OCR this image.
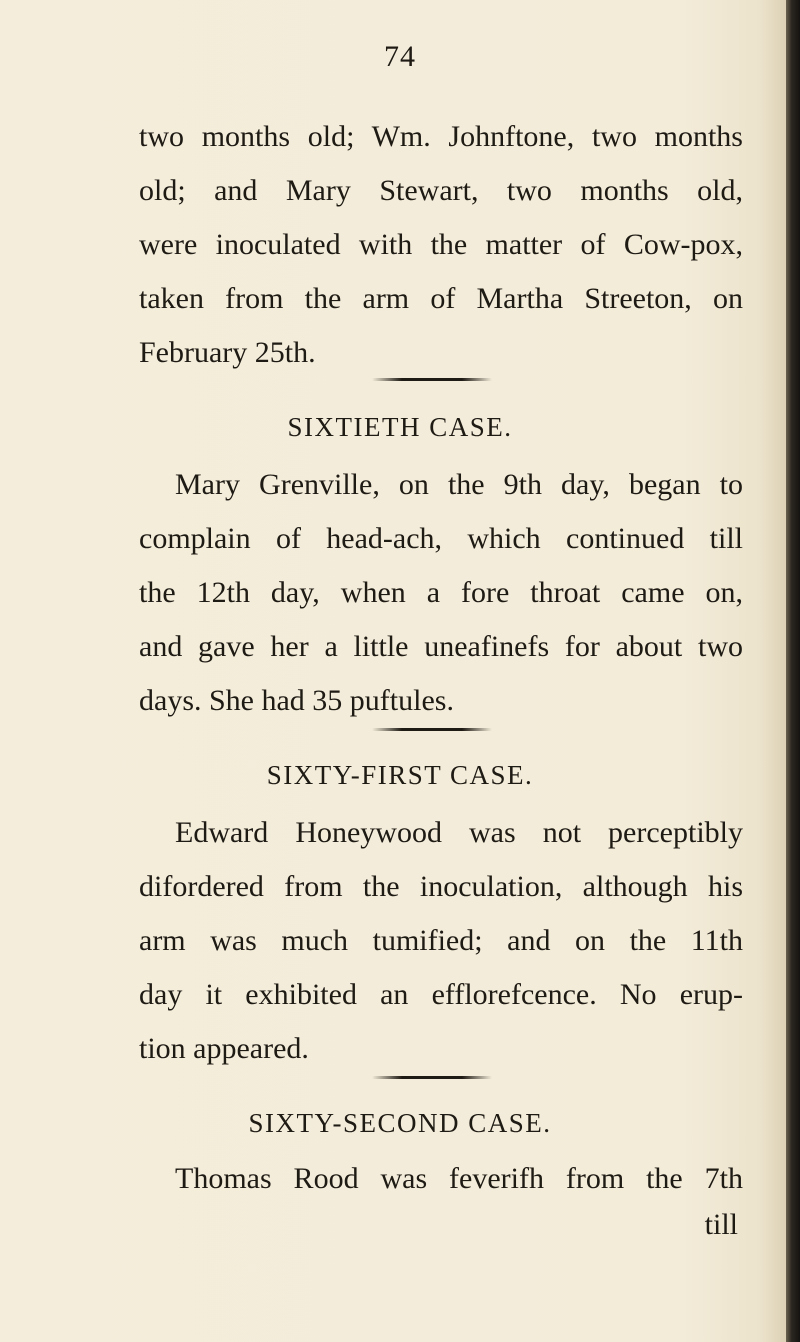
74
two months old; Wm. Johnftone, two months
old; and Mary Stewart, two months old,
were inoculated with the matter of Cow-pox,
taken from the arm of Martha Streeton, on
February 25th.
SIXTIETH CASE.
Mary Grenville, on the 9th day, began to
complain of head-ach, which continued till
the 12th day, when a fore throat came on,
and gave her a little uneafinefs for about two
days. She had 35 puftules.
SIXTY-FIRST CASE.
Edward Honeywood was not perceptibly
difordered from the inoculation, although his
arm was much tumified; and on the 11th
day it exhibited an efflorefcence. No erup-
tion appeared.
SIXTY-SECOND CASE.
Thomas Rood was feverifh from the 7th
till
